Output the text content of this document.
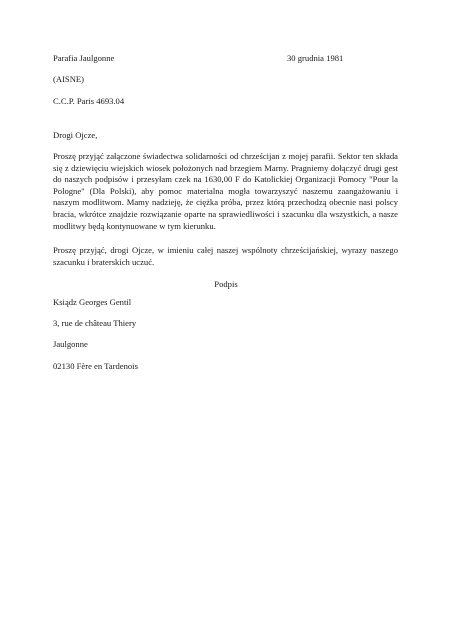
Parafia Jaulgonne	30 grudnia 1981
(AISNE)
C.C.P. Paris 4693.04
Drogi Ojcze,
Proszę przyjąć załączone świadectwa solidarności od chrześcijan z mojej parafii. Sektor ten składa się z dziewięciu wiejskich wiosek położonych nad brzegiem Marny. Pragniemy dołączyć drugi gest do naszych podpisów i przesyłam czek na 1630,00 F do Katolickiej Organizacji Pomocy "Pour la Pologne" (Dla Polski), aby pomoc materialna mogła towarzyszyć naszemu zaangażowaniu i naszym modlitwom. Mamy nadzieję, że ciężka próba, przez którą przechodzą obecnie nasi polscy bracia, wkrótce znajdzie rozwiązanie oparte na sprawiedliwości i szacunku dla wszystkich, a nasze modlitwy będą kontynuowane w tym kierunku.
Proszę przyjąć, drogi Ojcze, w imieniu całej naszej wspólnoty chrześcijańskiej, wyrazy naszego szacunku i braterskich uczuć.
Podpis
Ksiądz Georges Gentil
3, rue de château Thiery
Jaulgonne
02130 Fère en Tardenois
